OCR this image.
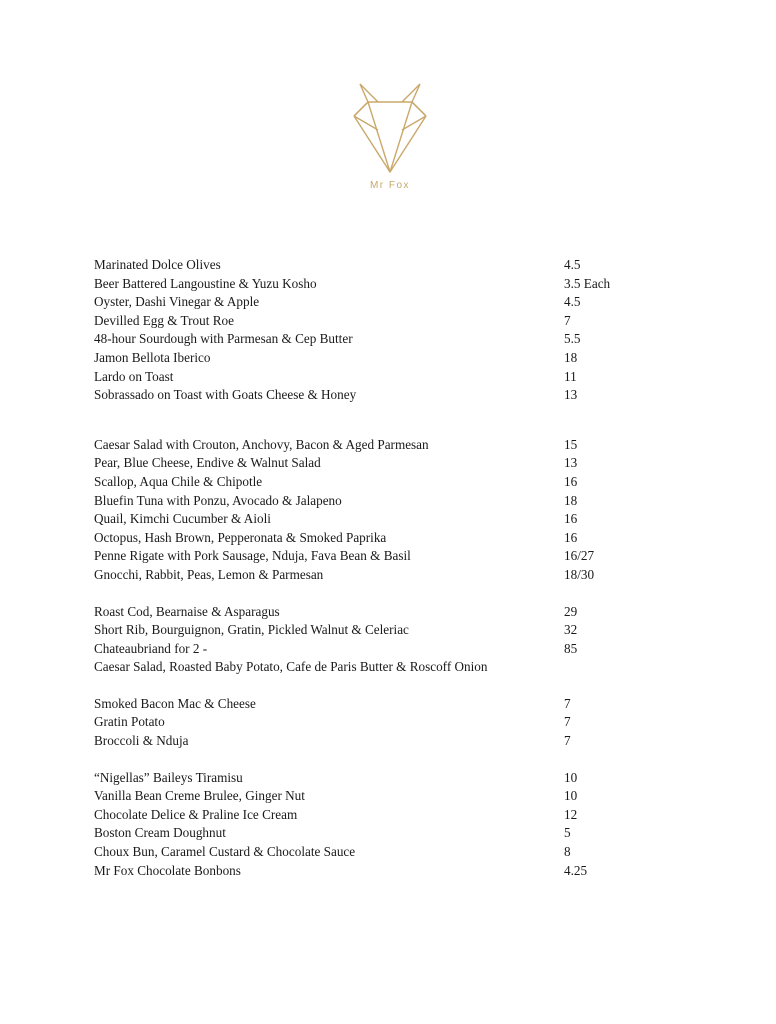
Mr Fox
Marinated Dolce Olives	4.5
Beer Battered Langoustine & Yuzu Kosho	3.5 Each
Oyster, Dashi Vinegar & Apple	4.5
Devilled Egg & Trout Roe	7
48-hour Sourdough with Parmesan & Cep Butter	5.5
Jamon Bellota Iberico	18
Lardo on Toast	11
Sobrassado on Toast with Goats Cheese & Honey	13
Caesar Salad with Crouton, Anchovy, Bacon & Aged Parmesan	15
Pear, Blue Cheese, Endive & Walnut Salad	13
Scallop, Aqua Chile & Chipotle	16
Bluefin Tuna with Ponzu, Avocado & Jalapeno	18
Quail, Kimchi Cucumber & Aioli	16
Octopus, Hash Brown, Pepperonata & Smoked Paprika	16
Penne Rigate with Pork Sausage, Nduja, Fava Bean & Basil	16/27
Gnocchi, Rabbit, Peas, Lemon & Parmesan	18/30
Roast Cod, Bearnaise & Asparagus	29
Short Rib, Bourguignon, Gratin, Pickled Walnut & Celeriac	32
Chateaubriand for 2 -	85
Caesar Salad, Roasted Baby Potato, Cafe de Paris Butter & Roscoff Onion
Smoked Bacon Mac & Cheese	7
Gratin Potato	7
Broccoli & Nduja	7
“Nigellas” Baileys Tiramisu	10
Vanilla Bean Creme Brulee, Ginger Nut	10
Chocolate Delice & Praline Ice Cream	12
Boston Cream Doughnut	5
Choux Bun, Caramel Custard & Chocolate Sauce	8
Mr Fox Chocolate Bonbons	4.25
